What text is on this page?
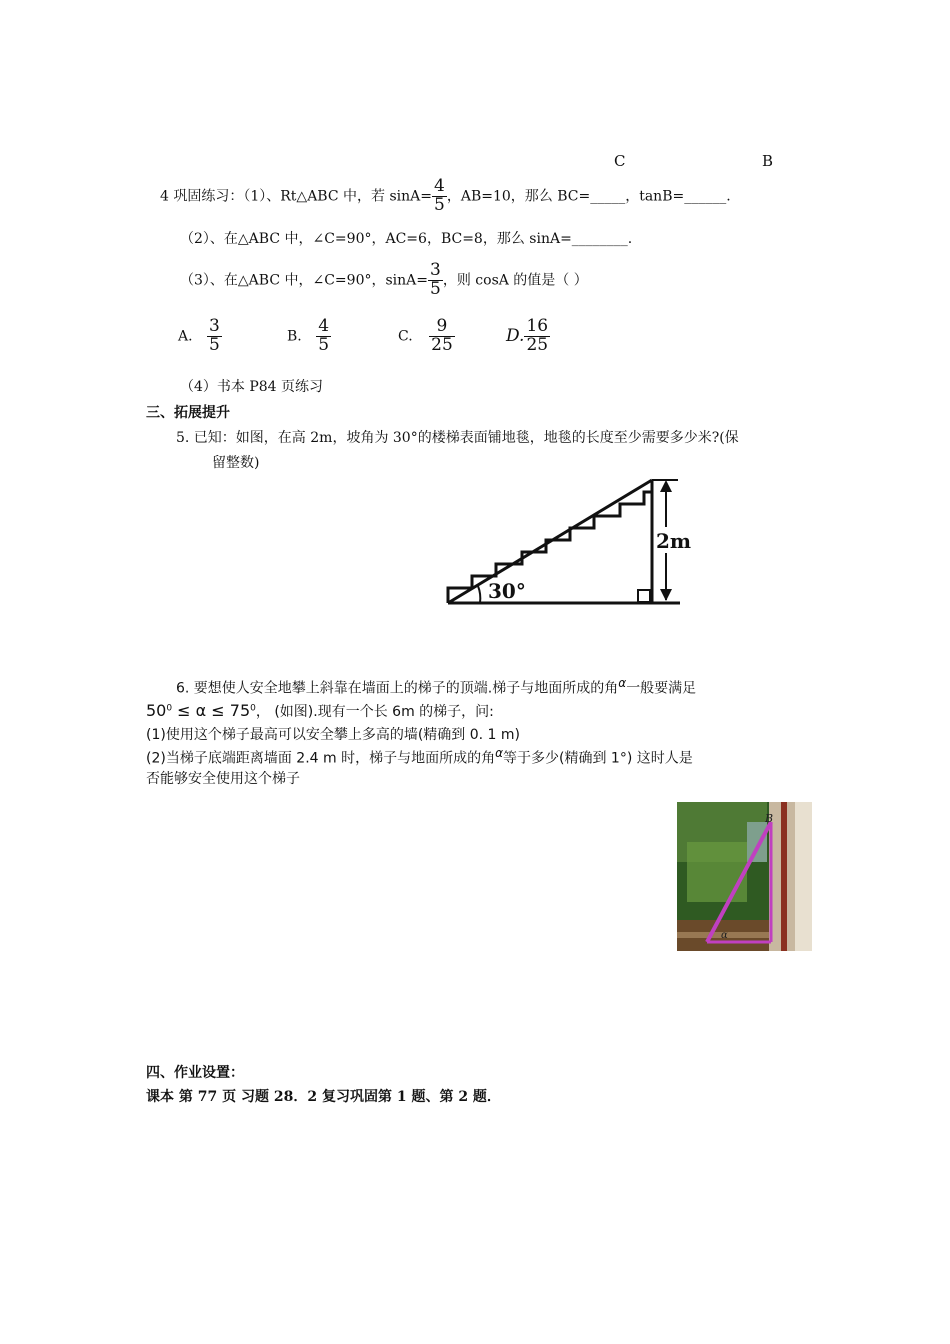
C	B
4 巩固练习：（1）、Rt△ABC 中，若 $\sin A= \frac{4}{5}$ ，AB=10，那么 BC=_____，tanB=______.
（2）、在△ABC 中，∠C=90°，AC=6，BC=8，那么 sinA=________.
（3）、在△ABC 中，∠C=90°，$\sin A= \frac{3}{5}$ ，则 cosA 的值是（ ）
A. $\frac{3}{5}$	B. $\frac{4}{5}$	C. $\frac{9}{25}$	D. $\frac{16}{25}$
（4）书本 P84 页练习
三、拓展提升
5. 已知：如图，在高 2m，坡角为 30°的楼梯表面铺地毯，地毯的长度至少需要多少米?(保
留整数)
2m
30°
6. 要想使人安全地攀上斜靠在墙面上的梯子的顶端.梯子与地面所成的角$^\alpha$一般要满足
$50^0 \le \alpha \le 75^0$， (如图).现有一个长 6m 的梯子，问:
(1)使用这个梯子最高可以安全攀上多高的墙(精确到 0. 1 m)
(2)当梯子底端距离墙面 2.4 m 时，梯子与地面所成的角$^\alpha$等于多少(精确到 1°) 这时人是
否能够安全使用这个梯子
B
α
四、作业设置：
课本 第 77 页 习题 28．2 复习巩固第 1 题、第 2 题．
